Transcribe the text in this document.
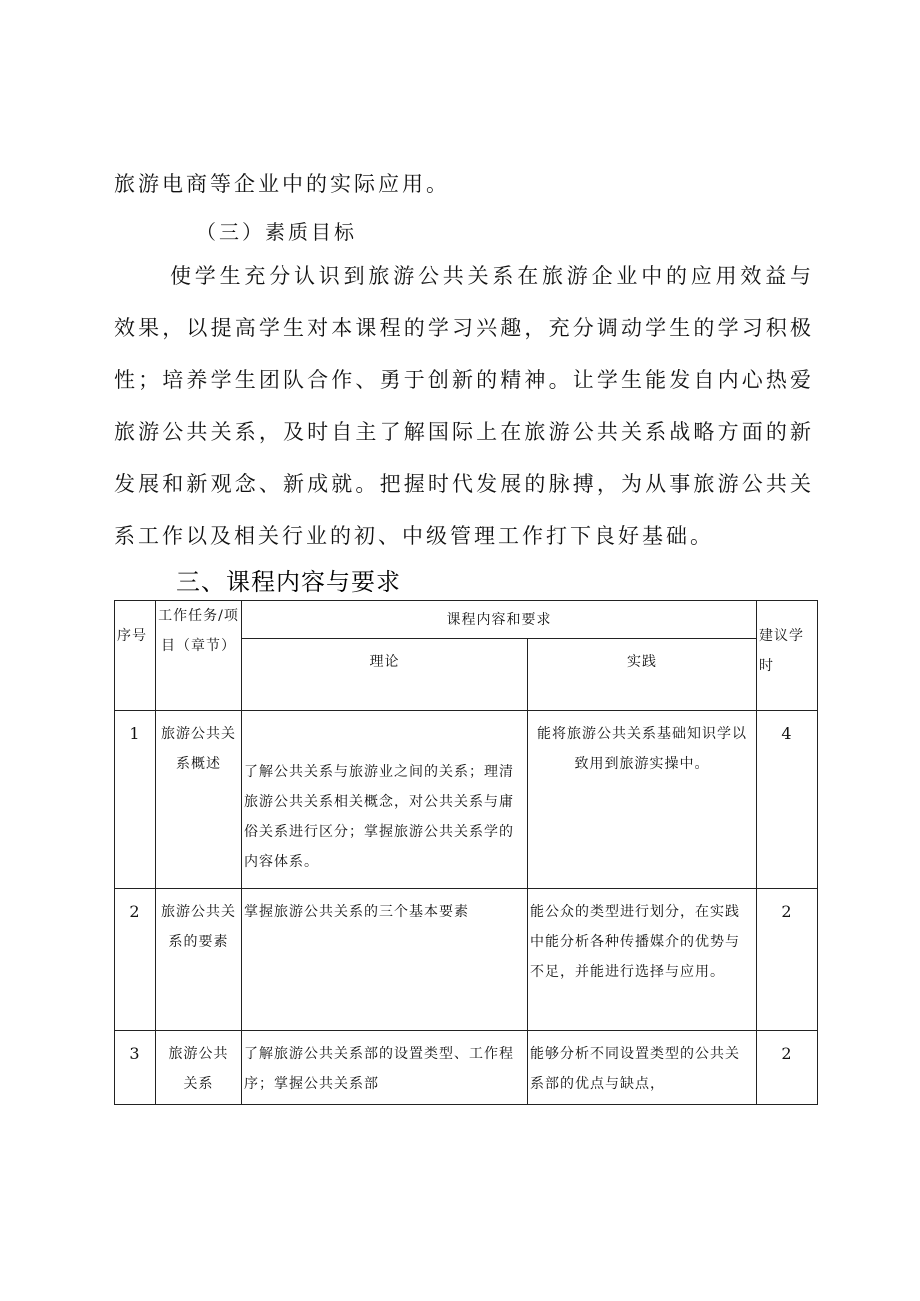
旅游电商等企业中的实际应用。

（三）素质目标

使学生充分认识到旅游公共关系在旅游企业中的应用效益与效果，以提高学生对本课程的学习兴趣，充分调动学生的学习积极性；培养学生团队合作、勇于创新的精神。让学生能发自内心热爱旅游公共关系，及时自主了解国际上在旅游公共关系战略方面的新发展和新观念、新成就。把握时代发展的脉搏，为从事旅游公共关系工作以及相关行业的初、中级管理工作打下良好基础。

三、课程内容与要求
序号	工作任务/项目（章节）	课程内容和要求		建议学时
		理论	实践	
1	旅游公共关系概述	了解公共关系与旅游业之间的关系；理清旅游公共关系相关概念，对公共关系与庸俗关系进行区分；掌握旅游公共关系学的内容体系。	能将旅游公共关系基础知识学以致用到旅游实操中。	4
2	旅游公共关系的要素	掌握旅游公共关系的三个基本要素	能公众的类型进行划分，在实践中能分析各种传播媒介的优势与不足，并能进行选择与应用。	2
3	旅游公共关系	了解旅游公共关系部的设置类型、工作程序；掌握公共关系部	能够分析不同设置类型的公共关系部的优点与缺点，	2
